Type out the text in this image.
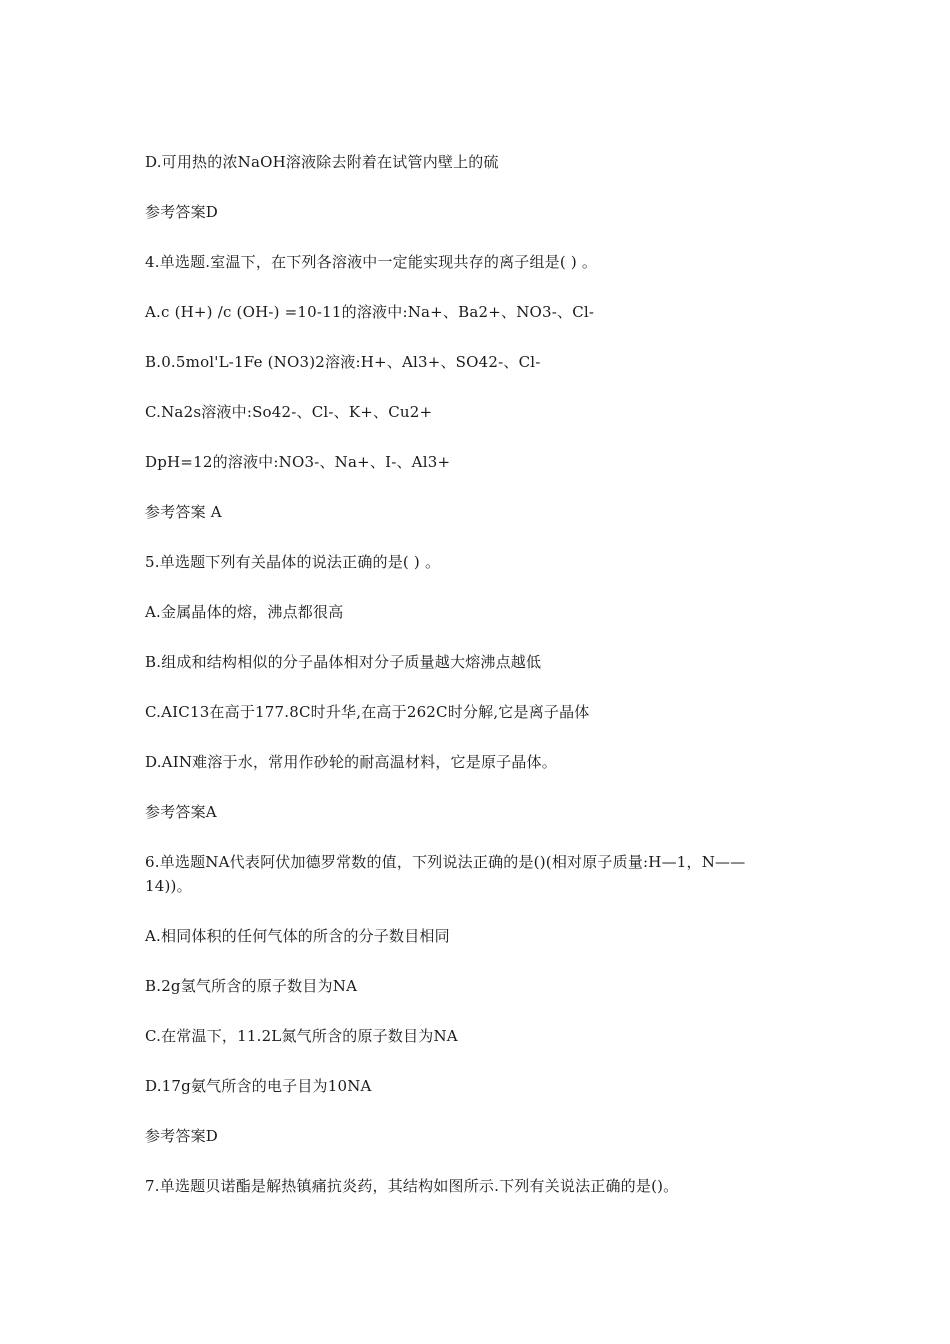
D.可用热的浓NaOH溶液除去附着在试管内壁上的硫
参考答案D
4.单选题.室温下，在下列各溶液中一定能实现共存的离子组是( ) 。
A.c (H+) /c (OH-) =10-11的溶液中:Na+、Ba2+、NO3-、Cl-
B.0.5mol'L-1Fe (NO3)2溶液:H+、Al3+、SO42-、Cl-
C.Na2s溶液中:So42-、Cl-、K+、Cu2+
DpH=12的溶液中:NO3-、Na+、I-、Al3+
参考答案 A
5.单选题下列有关晶体的说法正确的是( ) 。
A.金属晶体的熔，沸点都很高
B.组成和结构相似的分子晶体相对分子质量越大熔沸点越低
C.AIC13在高于177.8C时升华,在高于262C时分解,它是离子晶体
D.AIN难溶于水，常用作砂轮的耐高温材料，它是原子晶体。
参考答案A
6.单选题NA代表阿伏加德罗常数的值，下列说法正确的是()(相对原子质量:H—1，N——
14))。
A.相同体积的任何气体的所含的分子数目相同
B.2g氢气所含的原子数目为NA
C.在常温下，11.2L氮气所含的原子数目为NA
D.17g氨气所含的电子目为10NA
参考答案D
7.单选题贝诺酯是解热镇痛抗炎药，其结构如图所示.下列有关说法正确的是()。
